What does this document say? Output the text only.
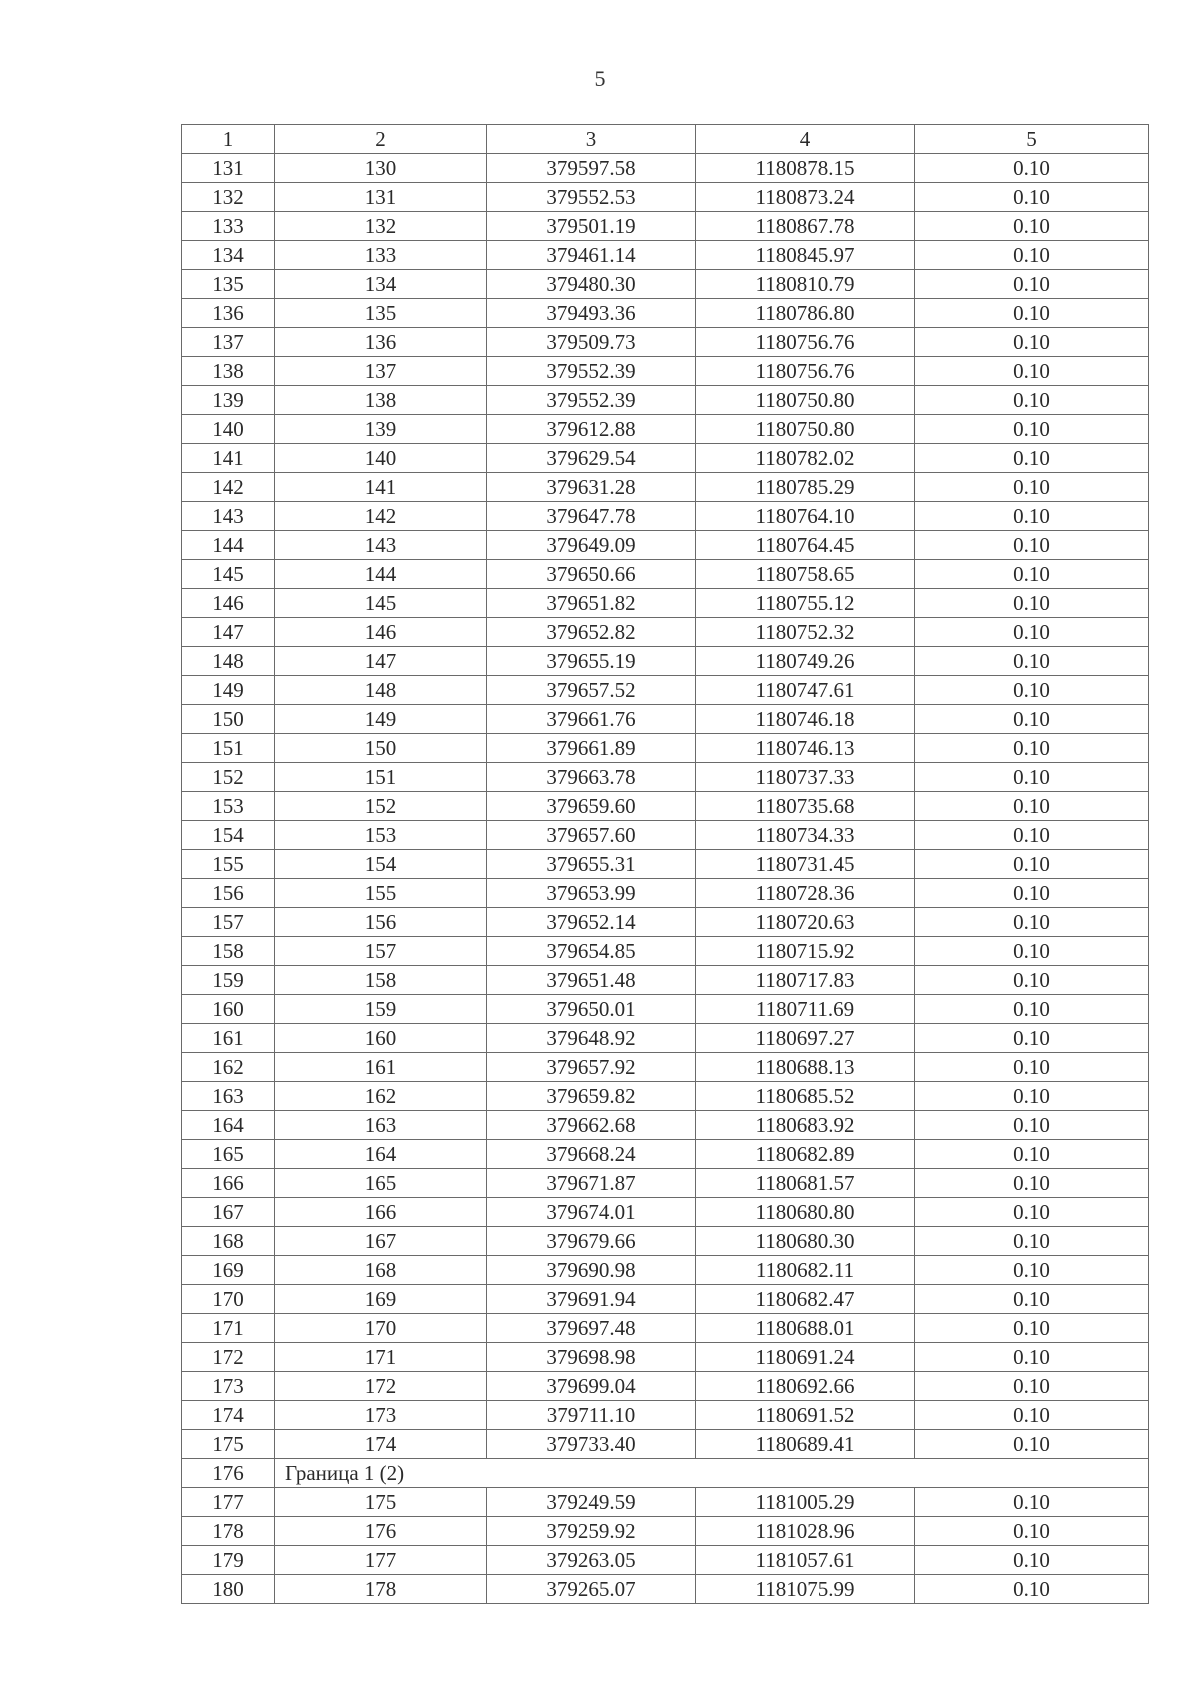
5
1	2	3	4	5
131	130	379597.58	1180878.15	0.10
132	131	379552.53	1180873.24	0.10
133	132	379501.19	1180867.78	0.10
134	133	379461.14	1180845.97	0.10
135	134	379480.30	1180810.79	0.10
136	135	379493.36	1180786.80	0.10
137	136	379509.73	1180756.76	0.10
138	137	379552.39	1180756.76	0.10
139	138	379552.39	1180750.80	0.10
140	139	379612.88	1180750.80	0.10
141	140	379629.54	1180782.02	0.10
142	141	379631.28	1180785.29	0.10
143	142	379647.78	1180764.10	0.10
144	143	379649.09	1180764.45	0.10
145	144	379650.66	1180758.65	0.10
146	145	379651.82	1180755.12	0.10
147	146	379652.82	1180752.32	0.10
148	147	379655.19	1180749.26	0.10
149	148	379657.52	1180747.61	0.10
150	149	379661.76	1180746.18	0.10
151	150	379661.89	1180746.13	0.10
152	151	379663.78	1180737.33	0.10
153	152	379659.60	1180735.68	0.10
154	153	379657.60	1180734.33	0.10
155	154	379655.31	1180731.45	0.10
156	155	379653.99	1180728.36	0.10
157	156	379652.14	1180720.63	0.10
158	157	379654.85	1180715.92	0.10
159	158	379651.48	1180717.83	0.10
160	159	379650.01	1180711.69	0.10
161	160	379648.92	1180697.27	0.10
162	161	379657.92	1180688.13	0.10
163	162	379659.82	1180685.52	0.10
164	163	379662.68	1180683.92	0.10
165	164	379668.24	1180682.89	0.10
166	165	379671.87	1180681.57	0.10
167	166	379674.01	1180680.80	0.10
168	167	379679.66	1180680.30	0.10
169	168	379690.98	1180682.11	0.10
170	169	379691.94	1180682.47	0.10
171	170	379697.48	1180688.01	0.10
172	171	379698.98	1180691.24	0.10
173	172	379699.04	1180692.66	0.10
174	173	379711.10	1180691.52	0.10
175	174	379733.40	1180689.41	0.10
176	Граница 1 (2)			
177	175	379249.59	1181005.29	0.10
178	176	379259.92	1181028.96	0.10
179	177	379263.05	1181057.61	0.10
180	178	379265.07	1181075.99	0.10
